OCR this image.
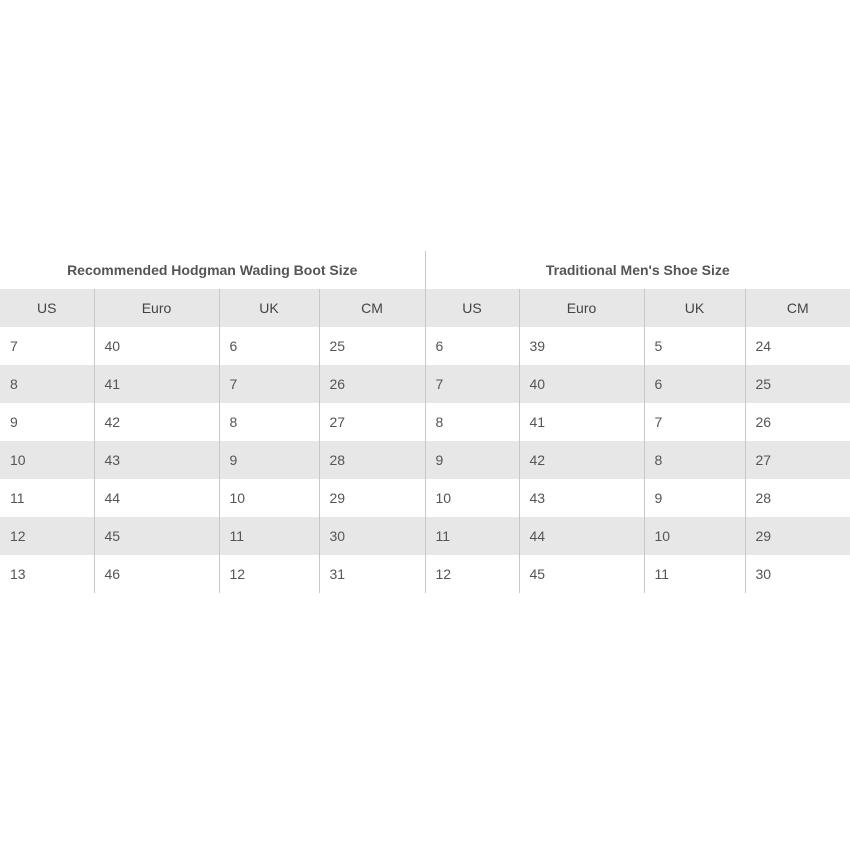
Recommended Hodgman Wading Boot Size				Traditional Men's Shoe Size			
US	Euro	UK	CM	US	Euro	UK	CM
7	40	6	25	6	39	5	24
8	41	7	26	7	40	6	25
9	42	8	27	8	41	7	26
10	43	9	28	9	42	8	27
11	44	10	29	10	43	9	28
12	45	11	30	11	44	10	29
13	46	12	31	12	45	11	30
